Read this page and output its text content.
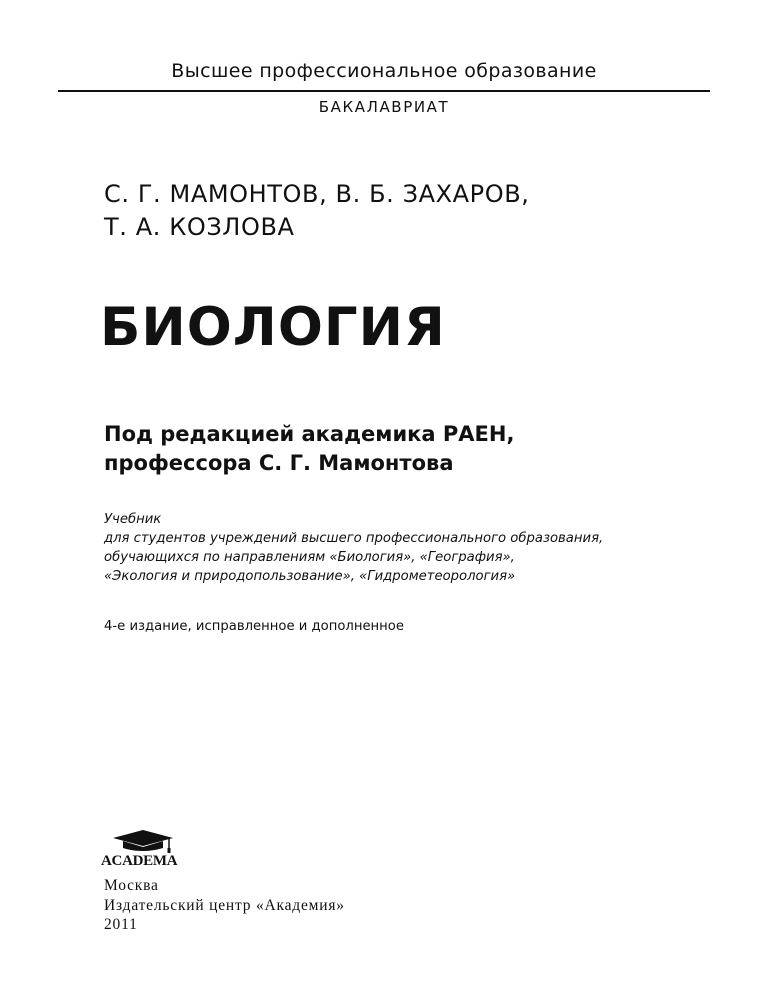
Высшее профессиональное образование
БАКАЛАВРИАТ
С. Г. МАМОНТОВ, В. Б. ЗАХАРОВ,
Т. А. КОЗЛОВА
БИОЛОГИЯ
Под редакцией академика РАЕН,
профессора С. Г. Мамонтова
Учебник
для студентов учреждений высшего профессионального образования,
обучающихся по направлениям «Биология», «География»,
«Экология и природопользование», «Гидрометеорология»
4-е издание, исправленное и дополненное
ACADEMA
Москва
Издательский центр «Академия»
2011
